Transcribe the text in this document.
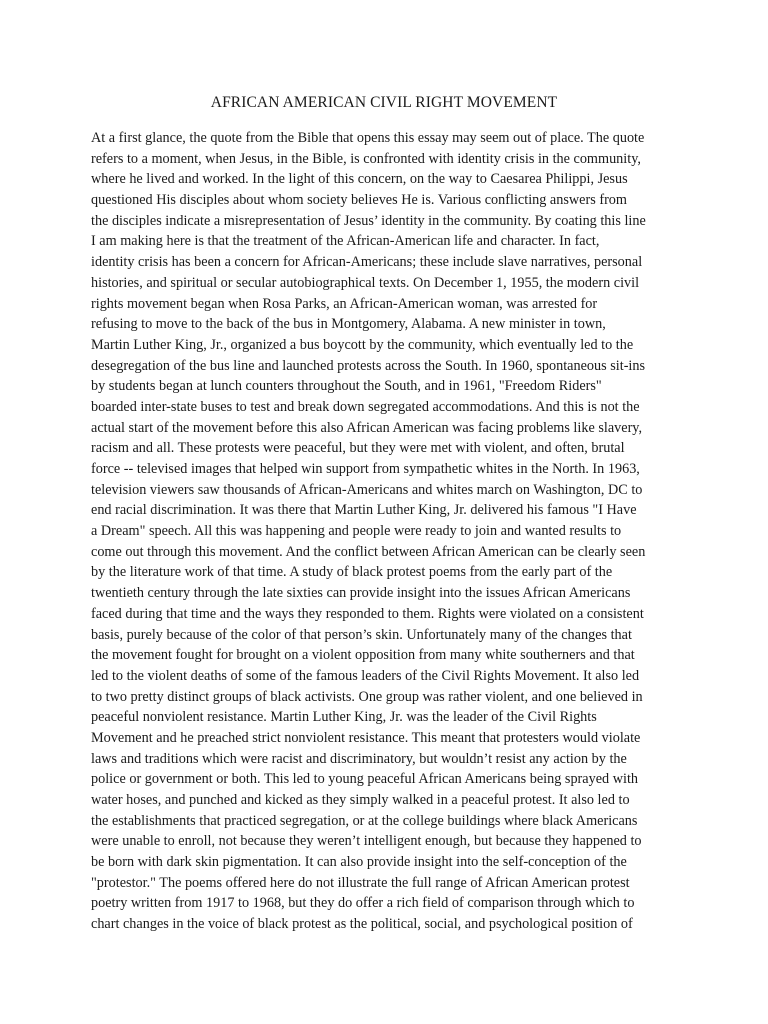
AFRICAN AMERICAN CIVIL RIGHT MOVEMENT
At a first glance, the quote from the Bible that opens this essay may seem out of place. The quote
refers to a moment, when Jesus, in the Bible, is confronted with identity crisis in the community,
where he lived and worked. In the light of this concern, on the way to Caesarea Philippi, Jesus
questioned His disciples about whom society believes He is. Various conflicting answers from
the disciples indicate a misrepresentation of Jesus’ identity in the community. By coating this line
I am making here is that the treatment of the African-American life and character. In fact,
identity crisis has been a concern for African-Americans; these include slave narratives, personal
histories, and spiritual or secular autobiographical texts. On December 1, 1955, the modern civil
rights movement began when Rosa Parks, an African-American woman, was arrested for
refusing to move to the back of the bus in Montgomery, Alabama. A new minister in town,
Martin Luther King, Jr., organized a bus boycott by the community, which eventually led to the
desegregation of the bus line and launched protests across the South. In 1960, spontaneous sit-ins
by students began at lunch counters throughout the South, and in 1961, "Freedom Riders"
boarded inter-state buses to test and break down segregated accommodations. And this is not the
actual start of the movement before this also African American was facing problems like slavery,
racism and all. These protests were peaceful, but they were met with violent, and often, brutal
force -- televised images that helped win support from sympathetic whites in the North. In 1963,
television viewers saw thousands of African-Americans and whites march on Washington, DC to
end racial discrimination. It was there that Martin Luther King, Jr. delivered his famous "I Have
a Dream" speech. All this was happening and people were ready to join and wanted results to
come out through this movement. And the conflict between African American can be clearly seen
by the literature work of that time. A study of black protest poems from the early part of the
twentieth century through the late sixties can provide insight into the issues African Americans
faced during that time and the ways they responded to them. Rights were violated on a consistent
basis, purely because of the color of that person’s skin. Unfortunately many of the changes that
the movement fought for brought on a violent opposition from many white southerners and that
led to the violent deaths of some of the famous leaders of the Civil Rights Movement. It also led
to two pretty distinct groups of black activists. One group was rather violent, and one believed in
peaceful nonviolent resistance. Martin Luther King, Jr. was the leader of the Civil Rights
Movement and he preached strict nonviolent resistance. This meant that protesters would violate
laws and traditions which were racist and discriminatory, but wouldn’t resist any action by the
police or government or both. This led to young peaceful African Americans being sprayed with
water hoses, and punched and kicked as they simply walked in a peaceful protest. It also led to
the establishments that practiced segregation, or at the college buildings where black Americans
were unable to enroll, not because they weren’t intelligent enough, but because they happened to
be born with dark skin pigmentation. It can also provide insight into the self-conception of the
"protestor." The poems offered here do not illustrate the full range of African American protest
poetry written from 1917 to 1968, but they do offer a rich field of comparison through which to
chart changes in the voice of black protest as the political, social, and psychological position of
